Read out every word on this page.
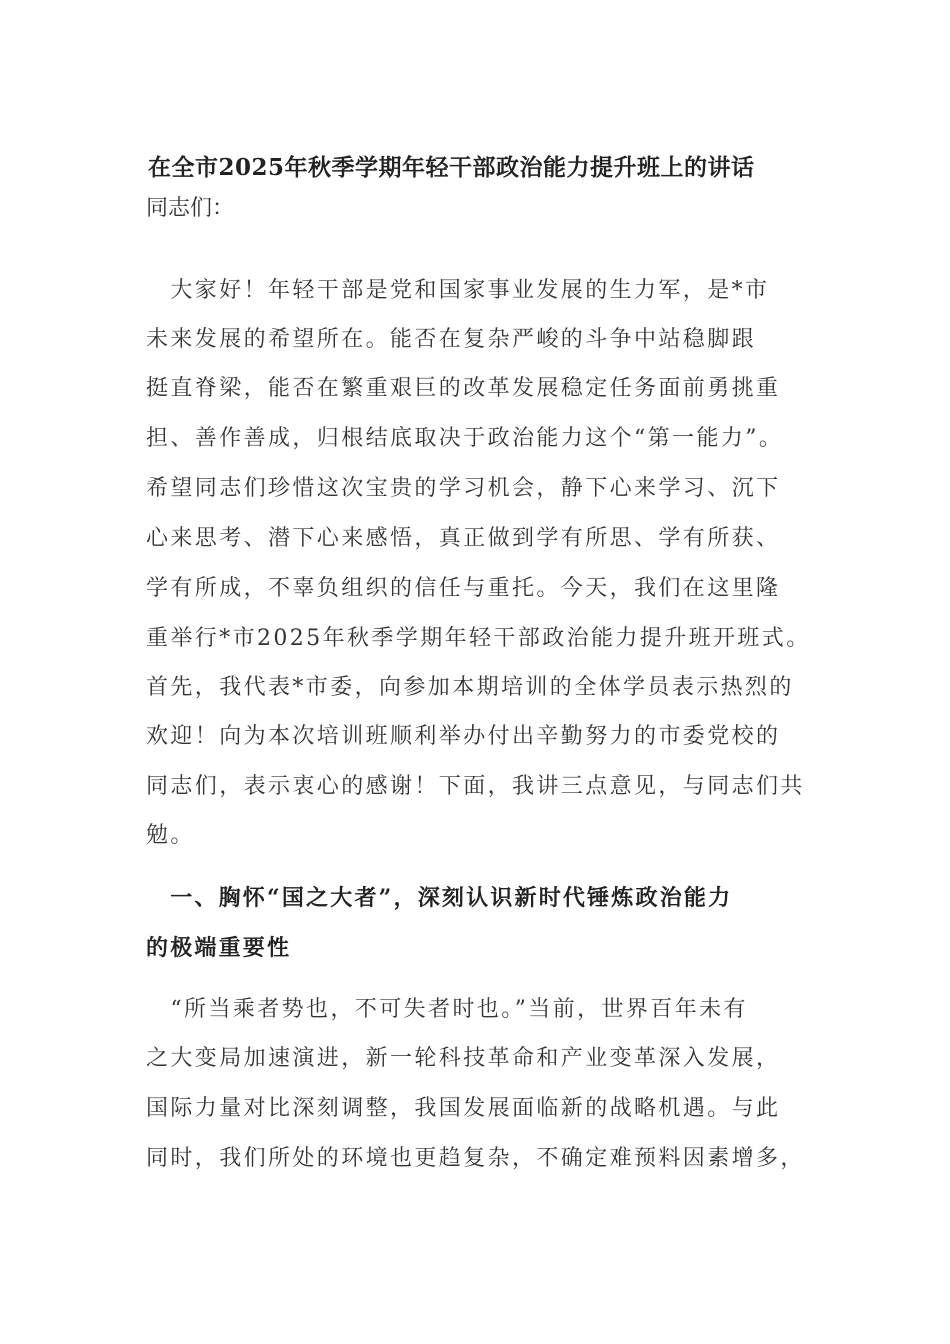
在全市2025年秋季学期年轻干部政治能力提升班上的讲话
同志们：
　大家好！年轻干部是党和国家事业发展的生力军，是*市
未来发展的希望所在。能否在复杂严峻的斗争中站稳脚跟
挺直脊梁，能否在繁重艰巨的改革发展稳定任务面前勇挑重
担、善作善成，归根结底取决于政治能力这个“第一能力”。
希望同志们珍惜这次宝贵的学习机会，静下心来学习、沉下
心来思考、潜下心来感悟，真正做到学有所思、学有所获、
学有所成，不辜负组织的信任与重托。今天，我们在这里隆
重举行*市2025年秋季学期年轻干部政治能力提升班开班式。
首先，我代表*市委，向参加本期培训的全体学员表示热烈的
欢迎！向为本次培训班顺利举办付出辛勤努力的市委党校的
同志们，表示衷心的感谢！下面，我讲三点意见，与同志们共
勉。
　一、胸怀“国之大者”，深刻认识新时代锤炼政治能力
的极端重要性
　“所当乘者势也，不可失者时也。”当前，世界百年未有
之大变局加速演进，新一轮科技革命和产业变革深入发展，
国际力量对比深刻调整，我国发展面临新的战略机遇。与此
同时，我们所处的环境也更趋复杂，不确定难预料因素增多，
